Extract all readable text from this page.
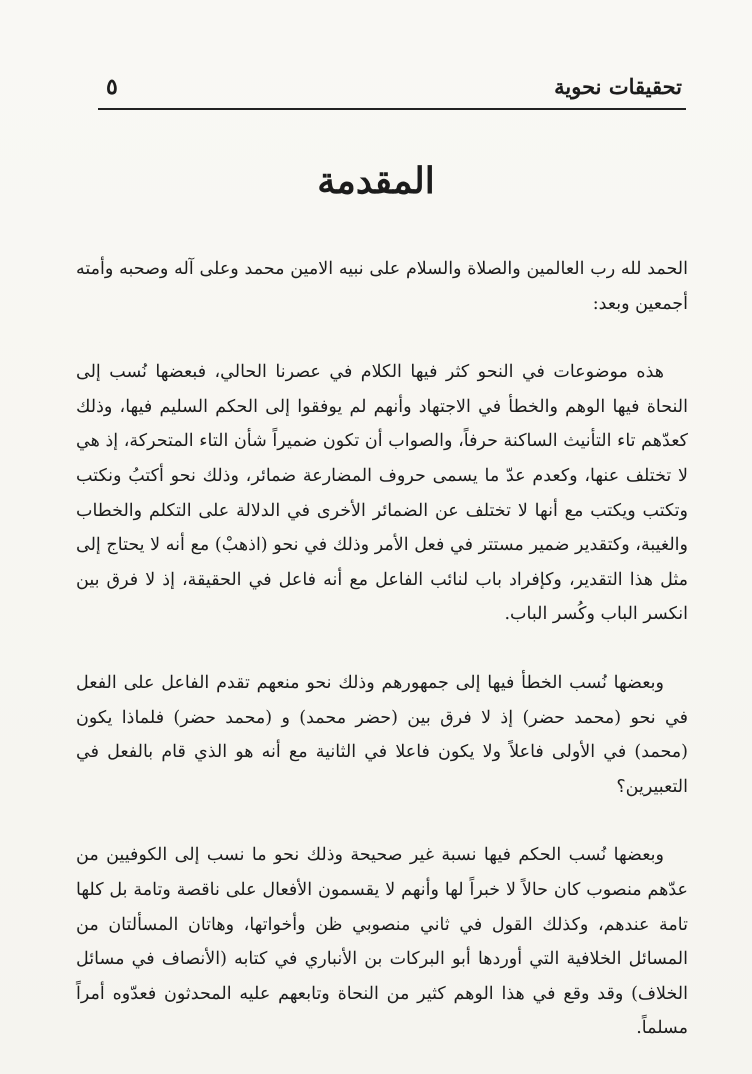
٥	تحقيقات نحوية
المقدمة

الحمد لله رب العالمين والصلاة والسلام على نبيه الامين محمد وعلى آله وصحبه وأمته أجمعين وبعد:

هذه موضوعات في النحو كثر فيها الكلام في عصرنا الحالي، فبعضها نُسب إلى النحاة فيها الوهم والخطأ في الاجتهاد وأنهم لم يوفقوا إلى الحكم السليم فيها، وذلك كعدّهم تاء التأنيث الساكنة حرفاً، والصواب أن تكون ضميراً شأن التاء المتحركة، إذ هي لا تختلف عنها، وكعدم عدّ ما يسمى حروف المضارعة ضمائر، وذلك نحو أكتبُ ونكتب وتكتب ويكتب مع أنها لا تختلف عن الضمائر الأخرى في الدلالة على التكلم والخطاب والغيبة، وكتقدير ضمير مستتر في فعل الأمر وذلك في نحو (اذهبْ) مع أنه لا يحتاج إلى مثل هذا التقدير، وكإفراد باب لنائب الفاعل مع أنه فاعل في الحقيقة، إذ لا فرق بين انكسر الباب وكُسر الباب.

وبعضها نُسب الخطأ فيها إلى جمهورهم وذلك نحو منعهم تقدم الفاعل على الفعل في نحو (محمد حضر) إذ لا فرق بين (حضر محمد) و (محمد حضر) فلماذا يكون (محمد) في الأولى فاعلاً ولا يكون فاعلا في الثانية مع أنه هو الذي قام بالفعل في التعبيرين؟

وبعضها نُسب الحكم فيها نسبة غير صحيحة وذلك نحو ما نسب إلى الكوفيين من عدّهم منصوب كان حالاً لا خبراً لها وأنهم لا يقسمون الأفعال على ناقصة وتامة بل كلها تامة عندهم، وكذلك القول في ثاني منصوبي ظن وأخواتها، وهاتان المسألتان من المسائل الخلافية التي أوردها أبو البركات بن الأنباري في كتابه (الأنصاف في مسائل الخلاف) وقد وقع في هذا الوهم كثير من النحاة وتابعهم عليه المحدثون فعدّوه أمراً مسلماً.
